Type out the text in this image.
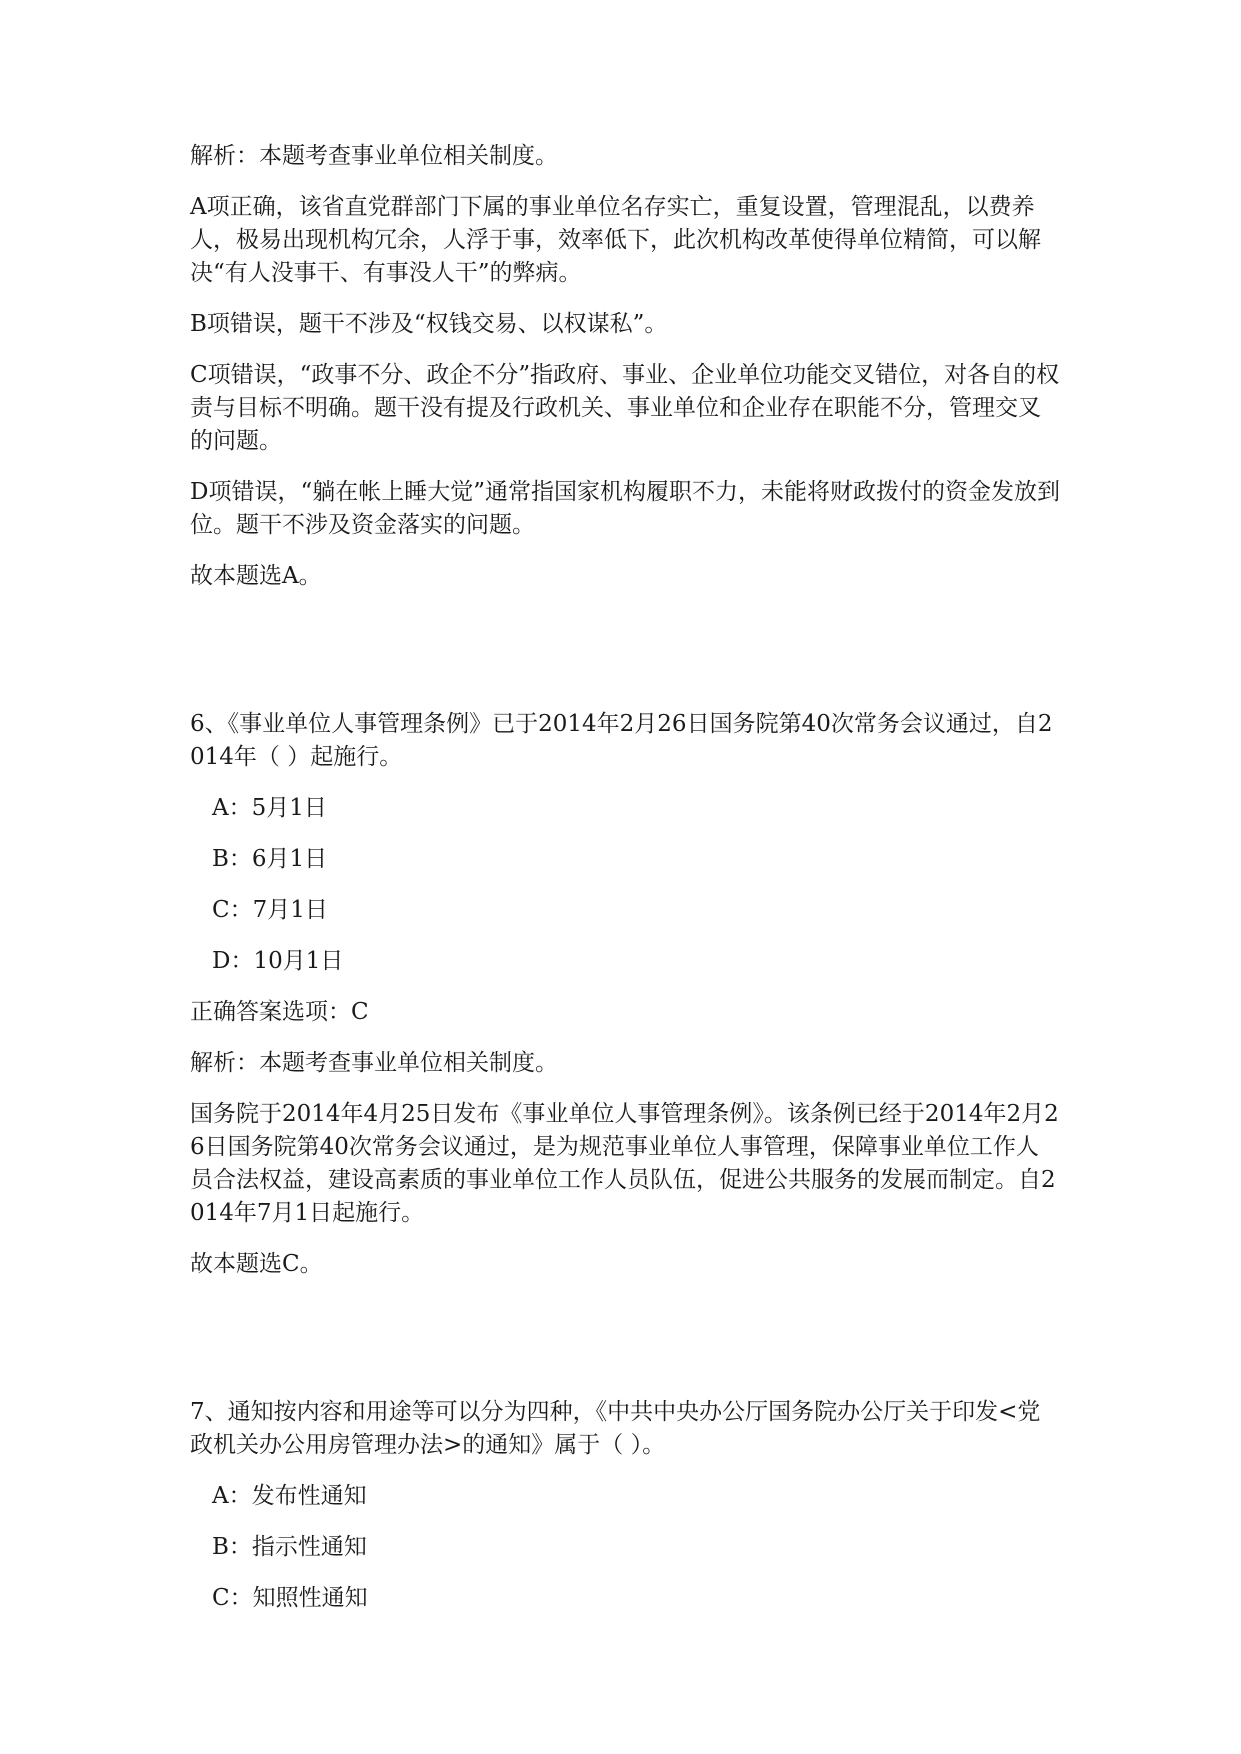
解析：本题考查事业单位相关制度。

A项正确，该省直党群部门下属的事业单位名存实亡，重复设置，管理混乱，以费养人，极易出现机构冗余，人浮于事，效率低下，此次机构改革使得单位精简，可以解决“有人没事干、有事没人干”的弊病。

B项错误，题干不涉及“权钱交易、以权谋私”。

C项错误，“政事不分、政企不分”指政府、事业、企业单位功能交叉错位，对各自的权责与目标不明确。题干没有提及行政机关、事业单位和企业存在职能不分，管理交叉的问题。

D项错误，“躺在帐上睡大觉”通常指国家机构履职不力，未能将财政拨付的资金发放到位。题干不涉及资金落实的问题。

故本题选A。

6、《事业单位人事管理条例》已于2014年2月26日国务院第40次常务会议通过，自2014年（ ）起施行。

A：5月1日

B：6月1日

C：7月1日

D：10月1日

正确答案选项：C

解析：本题考查事业单位相关制度。

国务院于2014年4月25日发布《事业单位人事管理条例》。该条例已经于2014年2月26日国务院第40次常务会议通过，是为规范事业单位人事管理，保障事业单位工作人员合法权益，建设高素质的事业单位工作人员队伍，促进公共服务的发展而制定。自2014年7月1日起施行。

故本题选C。

7、通知按内容和用途等可以分为四种，《中共中央办公厅国务院办公厅关于印发<党政机关办公用房管理办法>的通知》属于（ ）。

A：发布性通知

B：指示性通知

C：知照性通知
